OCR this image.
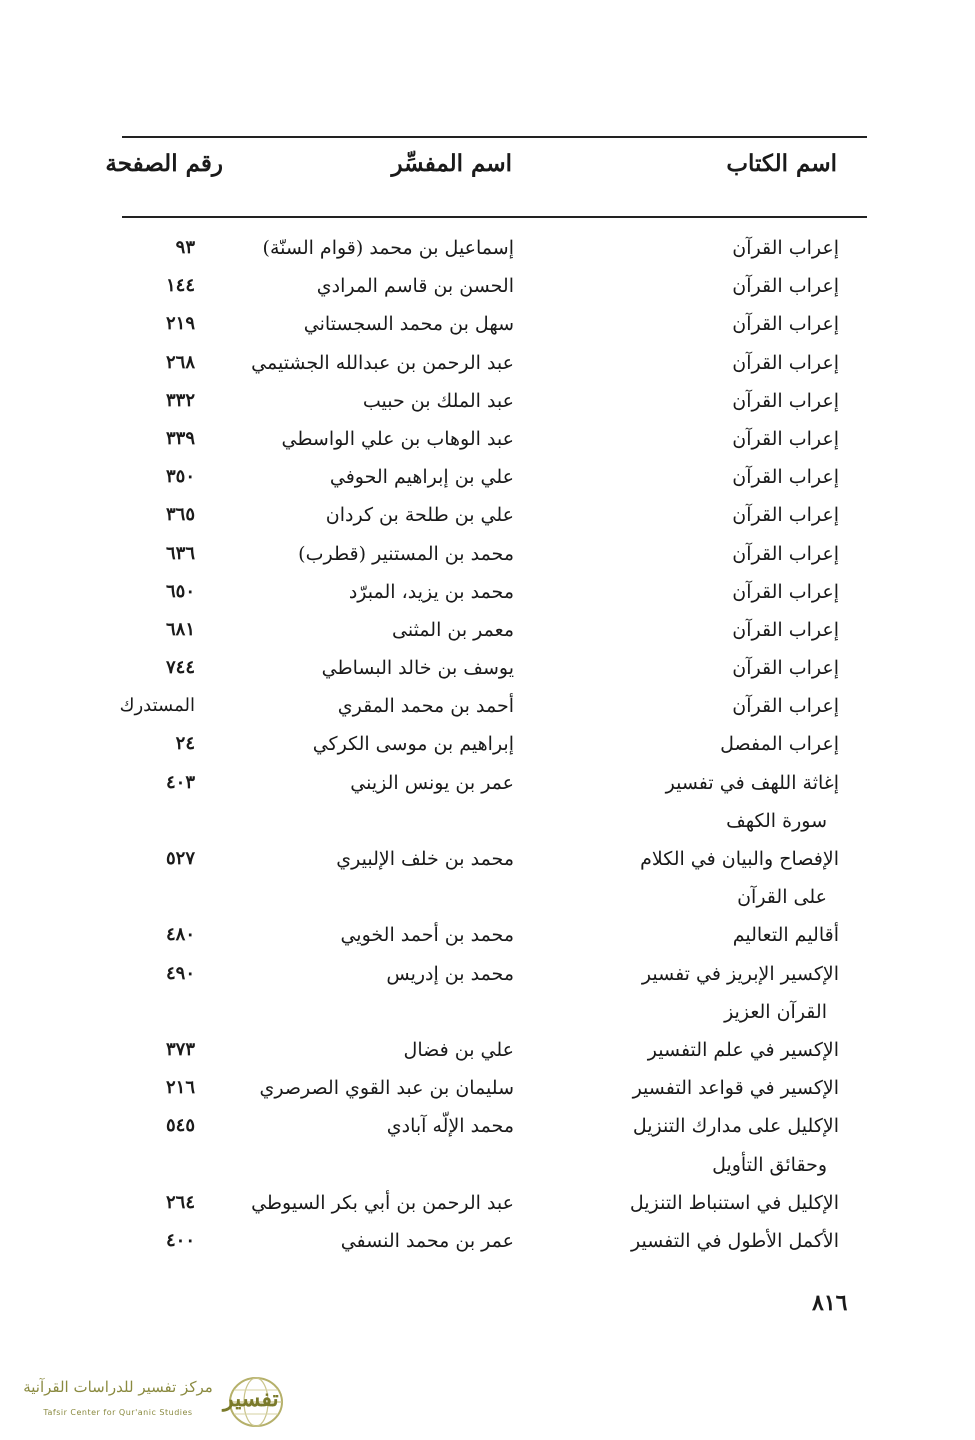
اسم الكتاب
اسم المفسِّر
رقم الصفحة
إعراب القرآن
إسماعيل بن محمد (قوام السنّة)
٩٣
إعراب القرآن
الحسن بن قاسم المرادي
١٤٤
إعراب القرآن
سهل بن محمد السجستاني
٢١٩
إعراب القرآن
عبد الرحمن بن عبدالله الجشتيمي
٢٦٨
إعراب القرآن
عبد الملك بن حبيب
٣٣٢
إعراب القرآن
عبد الوهاب بن علي الواسطي
٣٣٩
إعراب القرآن
علي بن إبراهيم الحوفي
٣٥٠
إعراب القرآن
علي بن طلحة بن كردان
٣٦٥
إعراب القرآن
محمد بن المستنير (قطرب)
٦٣٦
إعراب القرآن
محمد بن يزيد، المبرّد
٦٥٠
إعراب القرآن
معمر بن المثنى
٦٨١
إعراب القرآن
يوسف بن خالد البساطي
٧٤٤
إعراب القرآن
أحمد بن محمد المقري
المستدرك
إعراب المفصل
إبراهيم بن موسى الكركي
٢٤
إغاثة اللهف في تفسير
عمر بن يونس الزيني
٤٠٣
سورة الكهف
الإفصاح والبيان في الكلام
محمد بن خلف الإلبيري
٥٢٧
على القرآن
أقاليم التعاليم
محمد بن أحمد الخويي
٤٨٠
الإكسير الإبريز في تفسير
محمد بن إدريس
٤٩٠
القرآن العزيز
الإكسير في علم التفسير
علي بن فضال
٣٧٣
الإكسير في قواعد التفسير
سليمان بن عبد القوي الصرصري
٢١٦
الإكليل على مدارك التنزيل
محمد الإلّه آبادي
٥٤٥
وحقائق التأويل
الإكليل في استنباط التنزيل
عبد الرحمن بن أبي بكر السيوطي
٢٦٤
الأكمل الأطول في التفسير
عمر بن محمد النسفي
٤٠٠
٨١٦
مركز تفسير للدراسات القرآنية
Tafsir Center for Qur'anic Studies
تفسير
